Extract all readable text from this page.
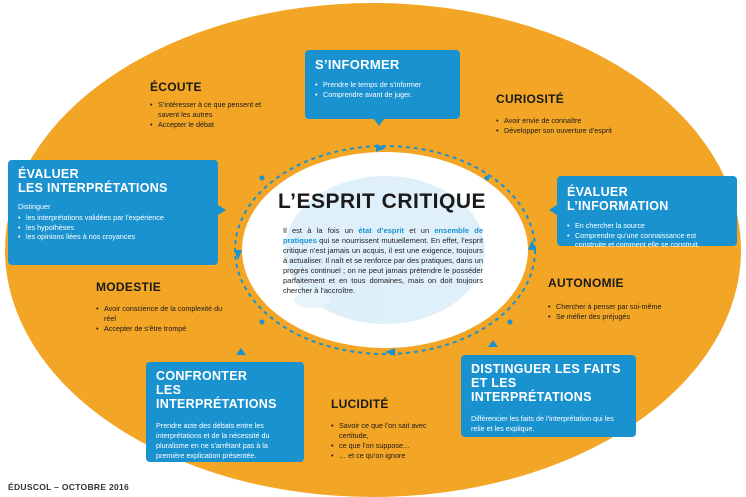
L’ESPRIT CRITIQUE
Il est à la fois un état d’esprit et un ensemble de pratiques qui se nourrissent mutuellement. En effet, l’esprit critique n’est jamais un acquis, il est une exigence, toujours à actualiser. Il naît et se renforce par des pratiques, dans un progrès continuel ; on ne peut jamais prétendre le posséder parfaitement et en tous domaines, mais on doit toujours chercher à l’accroître.
S’INFORMER
• Prendre le temps de s’informer
• Comprendre avant de juger.
ÉVALUER
LES INTERPRÉTATIONS
Distinguer
• les interprétations validées par l’expérience
• les hypothèses
• les opinions liées à nos croyances
ÉVALUER L’INFORMATION
• En chercher la source
• Comprendre qu’une connaissance est construite et comment elle se construit.
CONFRONTER
LES INTERPRÉTATIONS
Prendre acte des débats entre les interprétations et de la nécessité du pluralisme en ne s’arrêtant pas à la première explication présentée.
DISTINGUER LES FAITS
ET LES INTERPRÉTATIONS
Différencier les faits de l’interprétation qui les relie et les explique.
ÉCOUTE
• S’intéresser à ce que pensent et savent les autres
• Accepter le débat
CURIOSITÉ
• Avoir envie de connaître
• Développer son ouverture d’esprit
MODESTIE
• Avoir conscience de la complexité du réel
• Accepter de s’être trompé
AUTONOMIE
• Chercher à penser par soi-même
• Se méfier des préjugés
LUCIDITÉ
• Savoir ce que l’on sait avec certitude,
• ce que l’on suppose…
• … et ce qu’on ignore
ÉDUSCOL – OCTOBRE 2016
